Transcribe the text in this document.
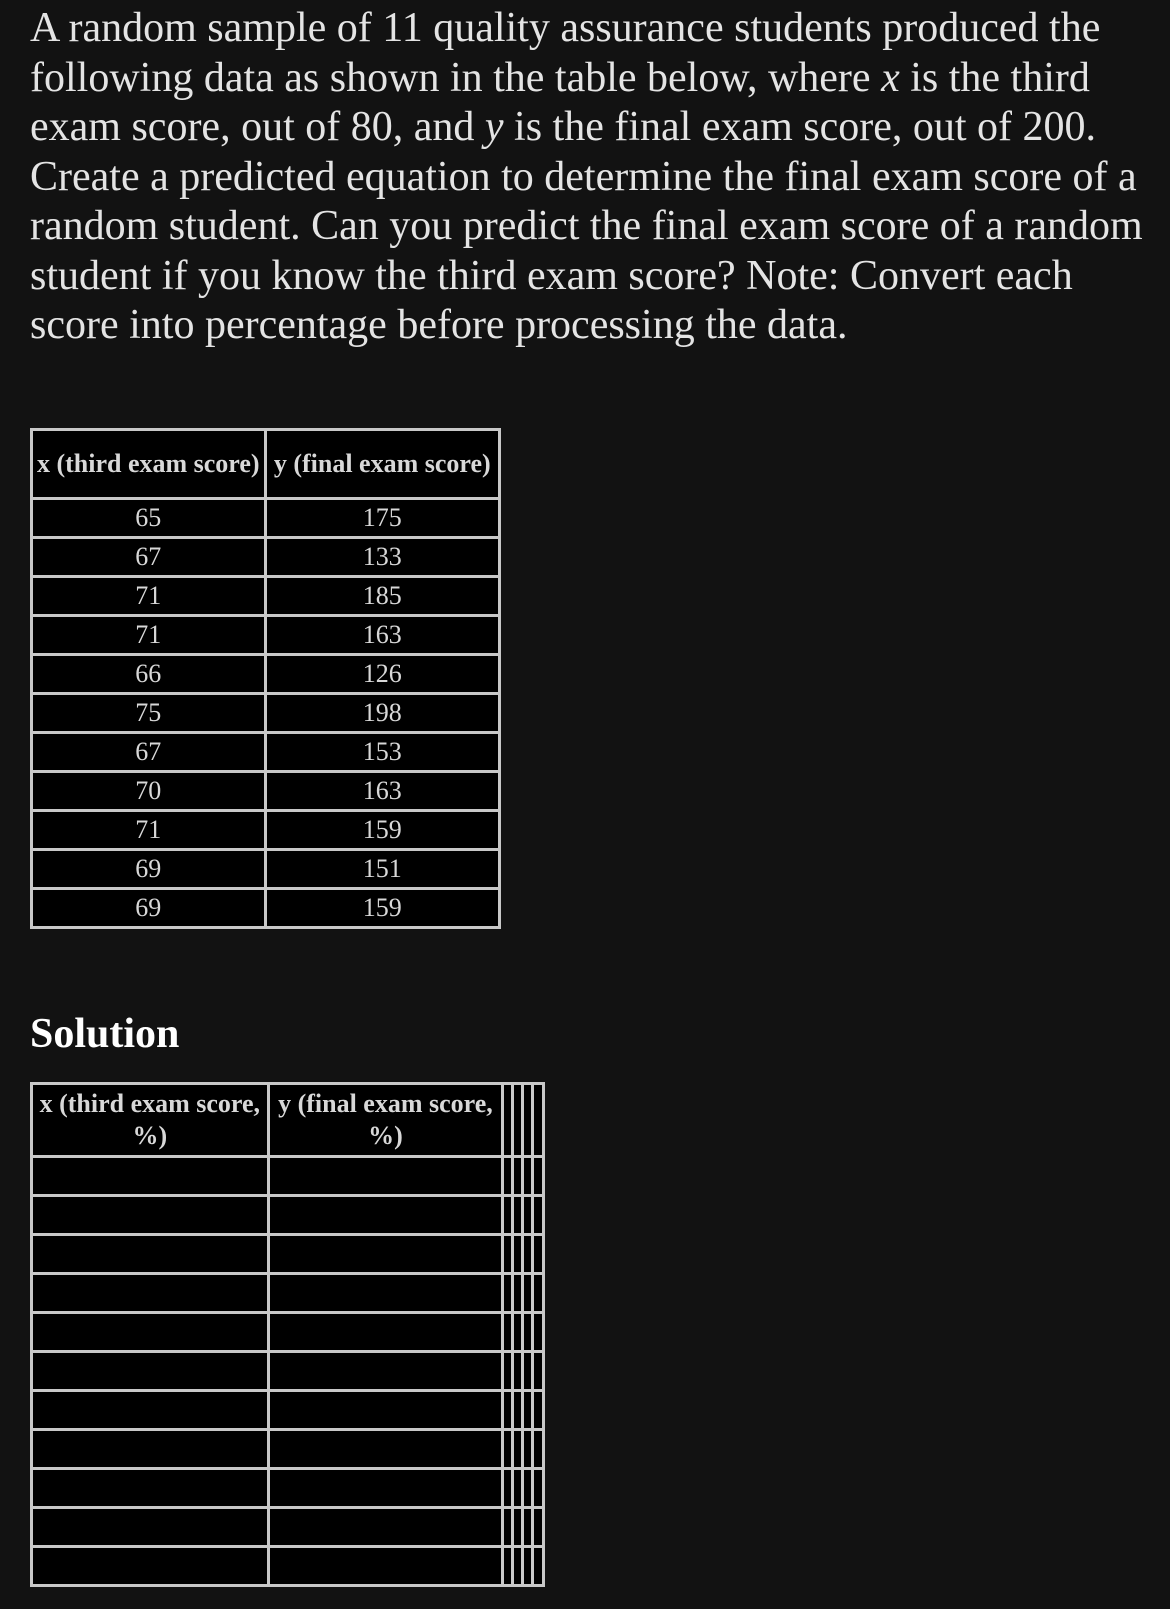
A random sample of 11 quality assurance students produced the following data as shown in the table below, where x is the third exam score, out of 80, and y is the final exam score, out of 200. Create a predicted equation to determine the final exam score of a random student. Can you predict the final exam score of a random student if you know the third exam score? Note: Convert each score into percentage before processing the data.

x (third exam score)	y (final exam score)
65	175
67	133
71	185
71	163
66	126
75	198
67	153
70	163
71	159
69	151
69	159
Solution
x (third exam score, %)	y (final exam score, %)				
